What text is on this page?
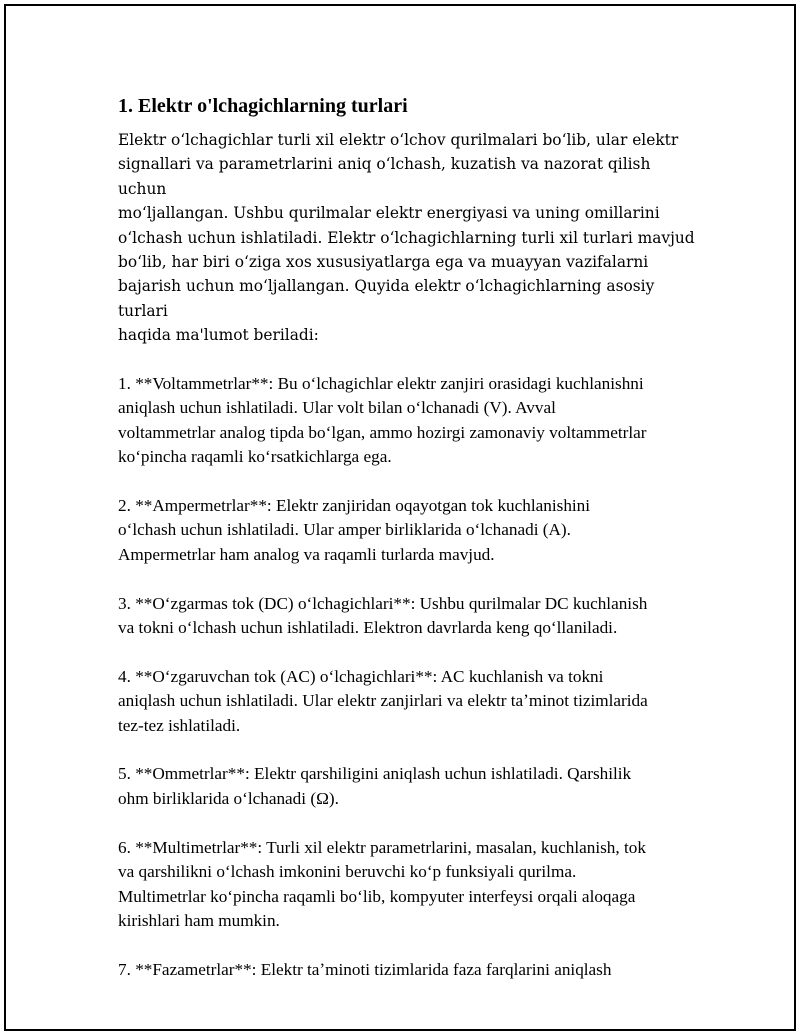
1. Elektr o'lchagichlarning turlari

Elektr oʻlchagichlar turli xil elektr oʻlchov qurilmalari boʻlib, ular elektr
signallari va parametrlarini aniq oʻlchash, kuzatish va nazorat qilish uchun
moʻljallangan. Ushbu qurilmalar elektr energiyasi va uning omillarini
oʻlchash uchun ishlatiladi. Elektr oʻlchagichlarning turli xil turlari mavjud
boʻlib, har biri oʻziga xos xususiyatlarga ega va muayyan vazifalarni
bajarish uchun moʻljallangan. Quyida elektr oʻlchagichlarning asosiy turlari
haqida ma'lumot beriladi:

1. **Voltammetrlar**: Bu oʻlchagichlar elektr zanjiri orasidagi kuchlanishni
aniqlash uchun ishlatiladi. Ular volt bilan oʻlchanadi (V). Avval
voltammetrlar analog tipda boʻlgan, ammo hozirgi zamonaviy voltammetrlar
koʻpincha raqamli koʻrsatkichlarga ega.

2. **Ampermetrlar**: Elektr zanjiridan oqayotgan tok kuchlanishini
oʻlchash uchun ishlatiladi. Ular amper birliklarida oʻlchanadi (A).
Ampermetrlar ham analog va raqamli turlarda mavjud.

3. **Oʻzgarmas tok (DC) oʻlchagichlari**: Ushbu qurilmalar DC kuchlanish
va tokni oʻlchash uchun ishlatiladi. Elektron davrlarda keng qoʻllaniladi.

4. **Oʻzgaruvchan tok (AC) oʻlchagichlari**: AC kuchlanish va tokni
aniqlash uchun ishlatiladi. Ular elektr zanjirlari va elektr taʼminot tizimlarida
tez-tez ishlatiladi.

5. **Ommetrlar**: Elektr qarshiligini aniqlash uchun ishlatiladi. Qarshilik
ohm birliklarida oʻlchanadi (Ω).

6. **Multimetrlar**: Turli xil elektr parametrlarini, masalan, kuchlanish, tok
va qarshilikni oʻlchash imkonini beruvchi koʻp funksiyali qurilma.
Multimetrlar koʻpincha raqamli boʻlib, kompyuter interfeysi orqali aloqaga
kirishlari ham mumkin.

7. **Fazametrlar**: Elektr taʼminoti tizimlarida faza farqlarini aniqlash
